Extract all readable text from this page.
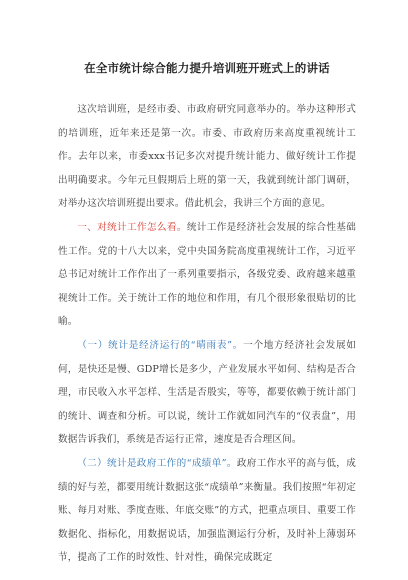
在全市统计综合能力提升培训班开班式上的讲话

这次培训班，是经市委、市政府研究同意举办的。举办这种形式的培训班，近年来还是第一次。市委、市政府历来高度重视统计工作。去年以来，市委xxx书记多次对提升统计能力、做好统计工作提出明确要求。今年元旦假期后上班的第一天，我就到统计部门调研，对举办这次培训班提出要求。借此机会，我讲三个方面的意见。

一、对统计工作怎么看。统计工作是经济社会发展的综合性基础性工作。党的十八大以来，党中央国务院高度重视统计工作，习近平总书记对统计工作作出了一系列重要指示，各级党委、政府越来越重视统计工作。关于统计工作的地位和作用，有几个很形象很贴切的比喻。

（一）统计是经济运行的“晴雨表”。一个地方经济社会发展如何，是快还是慢、GDP增长是多少，产业发展水平如何、结构是否合理，市民收入水平怎样、生活是否殷实，等等，都要依赖于统计部门的统计、调查和分析。可以说，统计工作就如同汽车的“仪表盘”，用数据告诉我们，系统是否运行正常，速度是否合理区间。

（二）统计是政府工作的“成绩单”。政府工作水平的高与低，成绩的好与差，都要用统计数据这张“成绩单”来衡量。我们按照“年初定账、每月对账、季度查账、年底交账”的方式，把重点项目、重要工作数据化、指标化，用数据说话，加强监测运行分析，及时补上薄弱环节，提高了工作的时效性、针对性，确保完成既定
